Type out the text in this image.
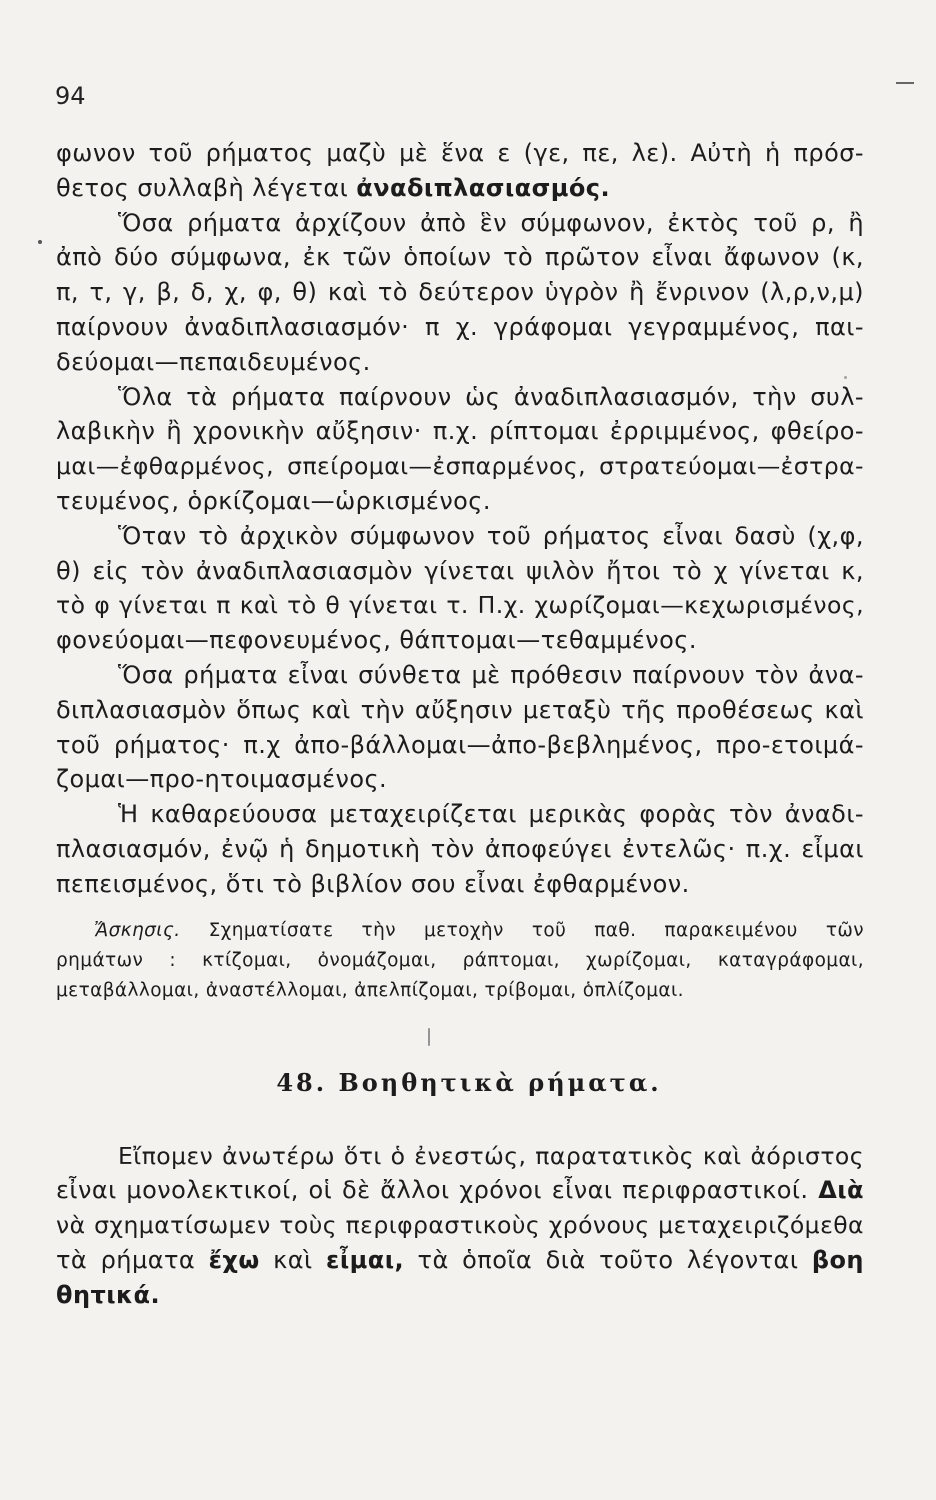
94
φωνον τοῦ ρήματος μαζὺ μὲ ἕνα ε (γε, πε, λε). Αὐτὴ ἡ πρόσ-
θετος συλλαβὴ λέγεται ἀναδιπλασιασμός.
Ὅσα ρήματα ἀρχίζουν ἀπὸ ἓν σύμφωνον, ἐκτὸς τοῦ ρ, ἢ
ἀπὸ δύο σύμφωνα, ἐκ τῶν ὁποίων τὸ πρῶτον εἶναι ἄφωνον (κ,
π, τ, γ, β, δ, χ, φ, θ) καὶ τὸ δεύτερον ὑγρὸν ἢ ἔνρινον (λ,ρ,ν,μ)
παίρνουν ἀναδιπλασιασμόν· π χ. γράφομαι γεγραμμένος, παι-
δεύομαι—πεπαιδευμένος.
Ὅλα τὰ ρήματα παίρνουν ὡς ἀναδιπλασιασμόν, τὴν συλ-
λαβικὴν ἢ χρονικὴν αὔξησιν· π.χ. ρίπτομαι ἐρριμμένος, φθείρο-
μαι—ἐφθαρμένος, σπείρομαι—ἐσπαρμένος, στρατεύομαι—ἐστρα-
τευμένος, ὁρκίζομαι—ὡρκισμένος.
Ὅταν τὸ ἀρχικὸν σύμφωνον τοῦ ρήματος εἶναι δασὺ (χ,φ,
θ) εἰς τὸν ἀναδιπλασιασμὸν γίνεται ψιλὸν ἤτοι τὸ χ γίνεται κ,
τὸ φ γίνεται π καὶ τὸ θ γίνεται τ. Π.χ. χωρίζομαι—κεχωρισμένος,
φονεύομαι—πεφονευμένος, θάπτομαι—τεθαμμένος.
Ὅσα ρήματα εἶναι σύνθετα μὲ πρόθεσιν παίρνουν τὸν ἀνα-
διπλασιασμὸν ὅπως καὶ τὴν αὔξησιν μεταξὺ τῆς προθέσεως καὶ
τοῦ ρήματος· π.χ ἀπο-βάλλομαι—ἀπο-βεβλημένος, προ-ετοιμά-
ζομαι—προ-ητοιμασμένος.
Ἡ καθαρεύουσα μεταχειρίζεται μερικὰς φορὰς τὸν ἀναδι-
πλασιασμόν, ἐνῷ ἡ δημοτικὴ τὸν ἀποφεύγει ἐντελῶς· π.χ. εἶμαι
πεπεισμένος, ὅτι τὸ βιβλίον σου εἶναι ἐφθαρμένον.
Ἄσκησις. Σχηματίσατε τὴν μετοχὴν τοῦ παθ. παρακειμένου τῶν
ρημάτων : κτίζομαι, ὀνομάζομαι, ράπτομαι, χωρίζομαι, καταγράφομαι,
μεταβάλλομαι, ἀναστέλλομαι, ἀπελπίζομαι, τρίβομαι, ὁπλίζομαι.
48. Βοηθητικὰ ρήματα.
Εἴπομεν ἀνωτέρω ὅτι ὁ ἐνεστώς, παρατατικὸς καὶ ἀόριστος
εἶναι μονολεκτικοί, οἱ δὲ ἄλλοι χρόνοι εἶναι περιφραστικοί. Διὰ
νὰ σχηματίσωμεν τοὺς περιφραστικοὺς χρόνους μεταχειριζόμεθα
τὰ ρήματα ἔχω καὶ εἶμαι, τὰ ὁποῖα διὰ τοῦτο λέγονται βοη
θητικά.
